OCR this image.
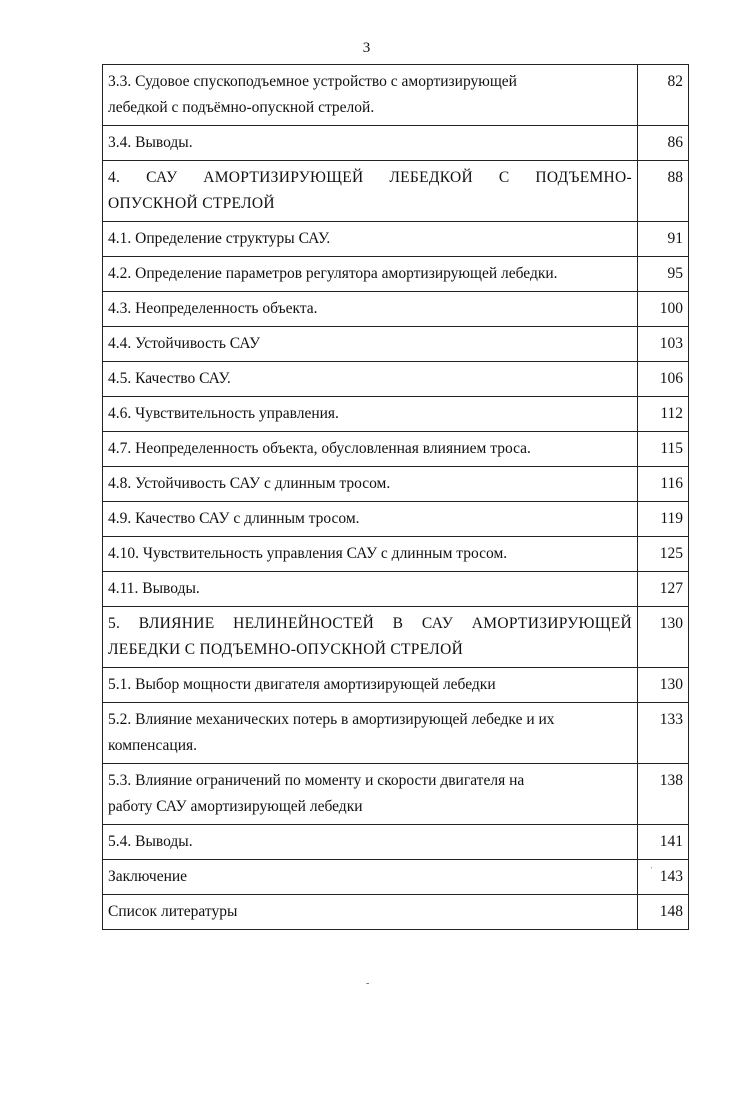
3
3.3. Судовое спускоподъемное устройство с амортизирующей
лебедкой с подъёмно-опускной стрелой.	82

3.4. Выводы.	86

4. САУ АМОРТИЗИРУЮЩЕЙ ЛЕБЕДКОЙ С ПОДЪЕМНО-
ОПУСКНОЙ СТРЕЛОЙ	88

4.1. Определение структуры САУ.	91

4.2. Определение параметров регулятора амортизирующей лебедки.	95

4.3. Неопределенность объекта.	100

4.4. Устойчивость САУ	103

4.5. Качество САУ.	106

4.6. Чувствительность управления.	112

4.7. Неопределенность объекта, обусловленная влиянием троса.	115

4.8. Устойчивость САУ с длинным тросом.	116

4.9. Качество САУ с длинным тросом.	119

4.10. Чувствительность управления САУ с длинным тросом.	125

4.11. Выводы.	127

5. ВЛИЯНИЕ НЕЛИНЕЙНОСТЕЙ В САУ АМОРТИЗИРУЮЩЕЙ
ЛЕБЕДКИ С ПОДЪЕМНО-ОПУСКНОЙ СТРЕЛОЙ	130

5.1. Выбор мощности двигателя амортизирующей лебедки	130

5.2. Влияние механических потерь в амортизирующей лебедке и их
компенсация.	133

5.3. Влияние ограничений по моменту и скорости двигателя на
работу САУ амортизирующей лебедки	138

5.4. Выводы.	141

Заключение	143

Список литературы	148
ˌ
-
